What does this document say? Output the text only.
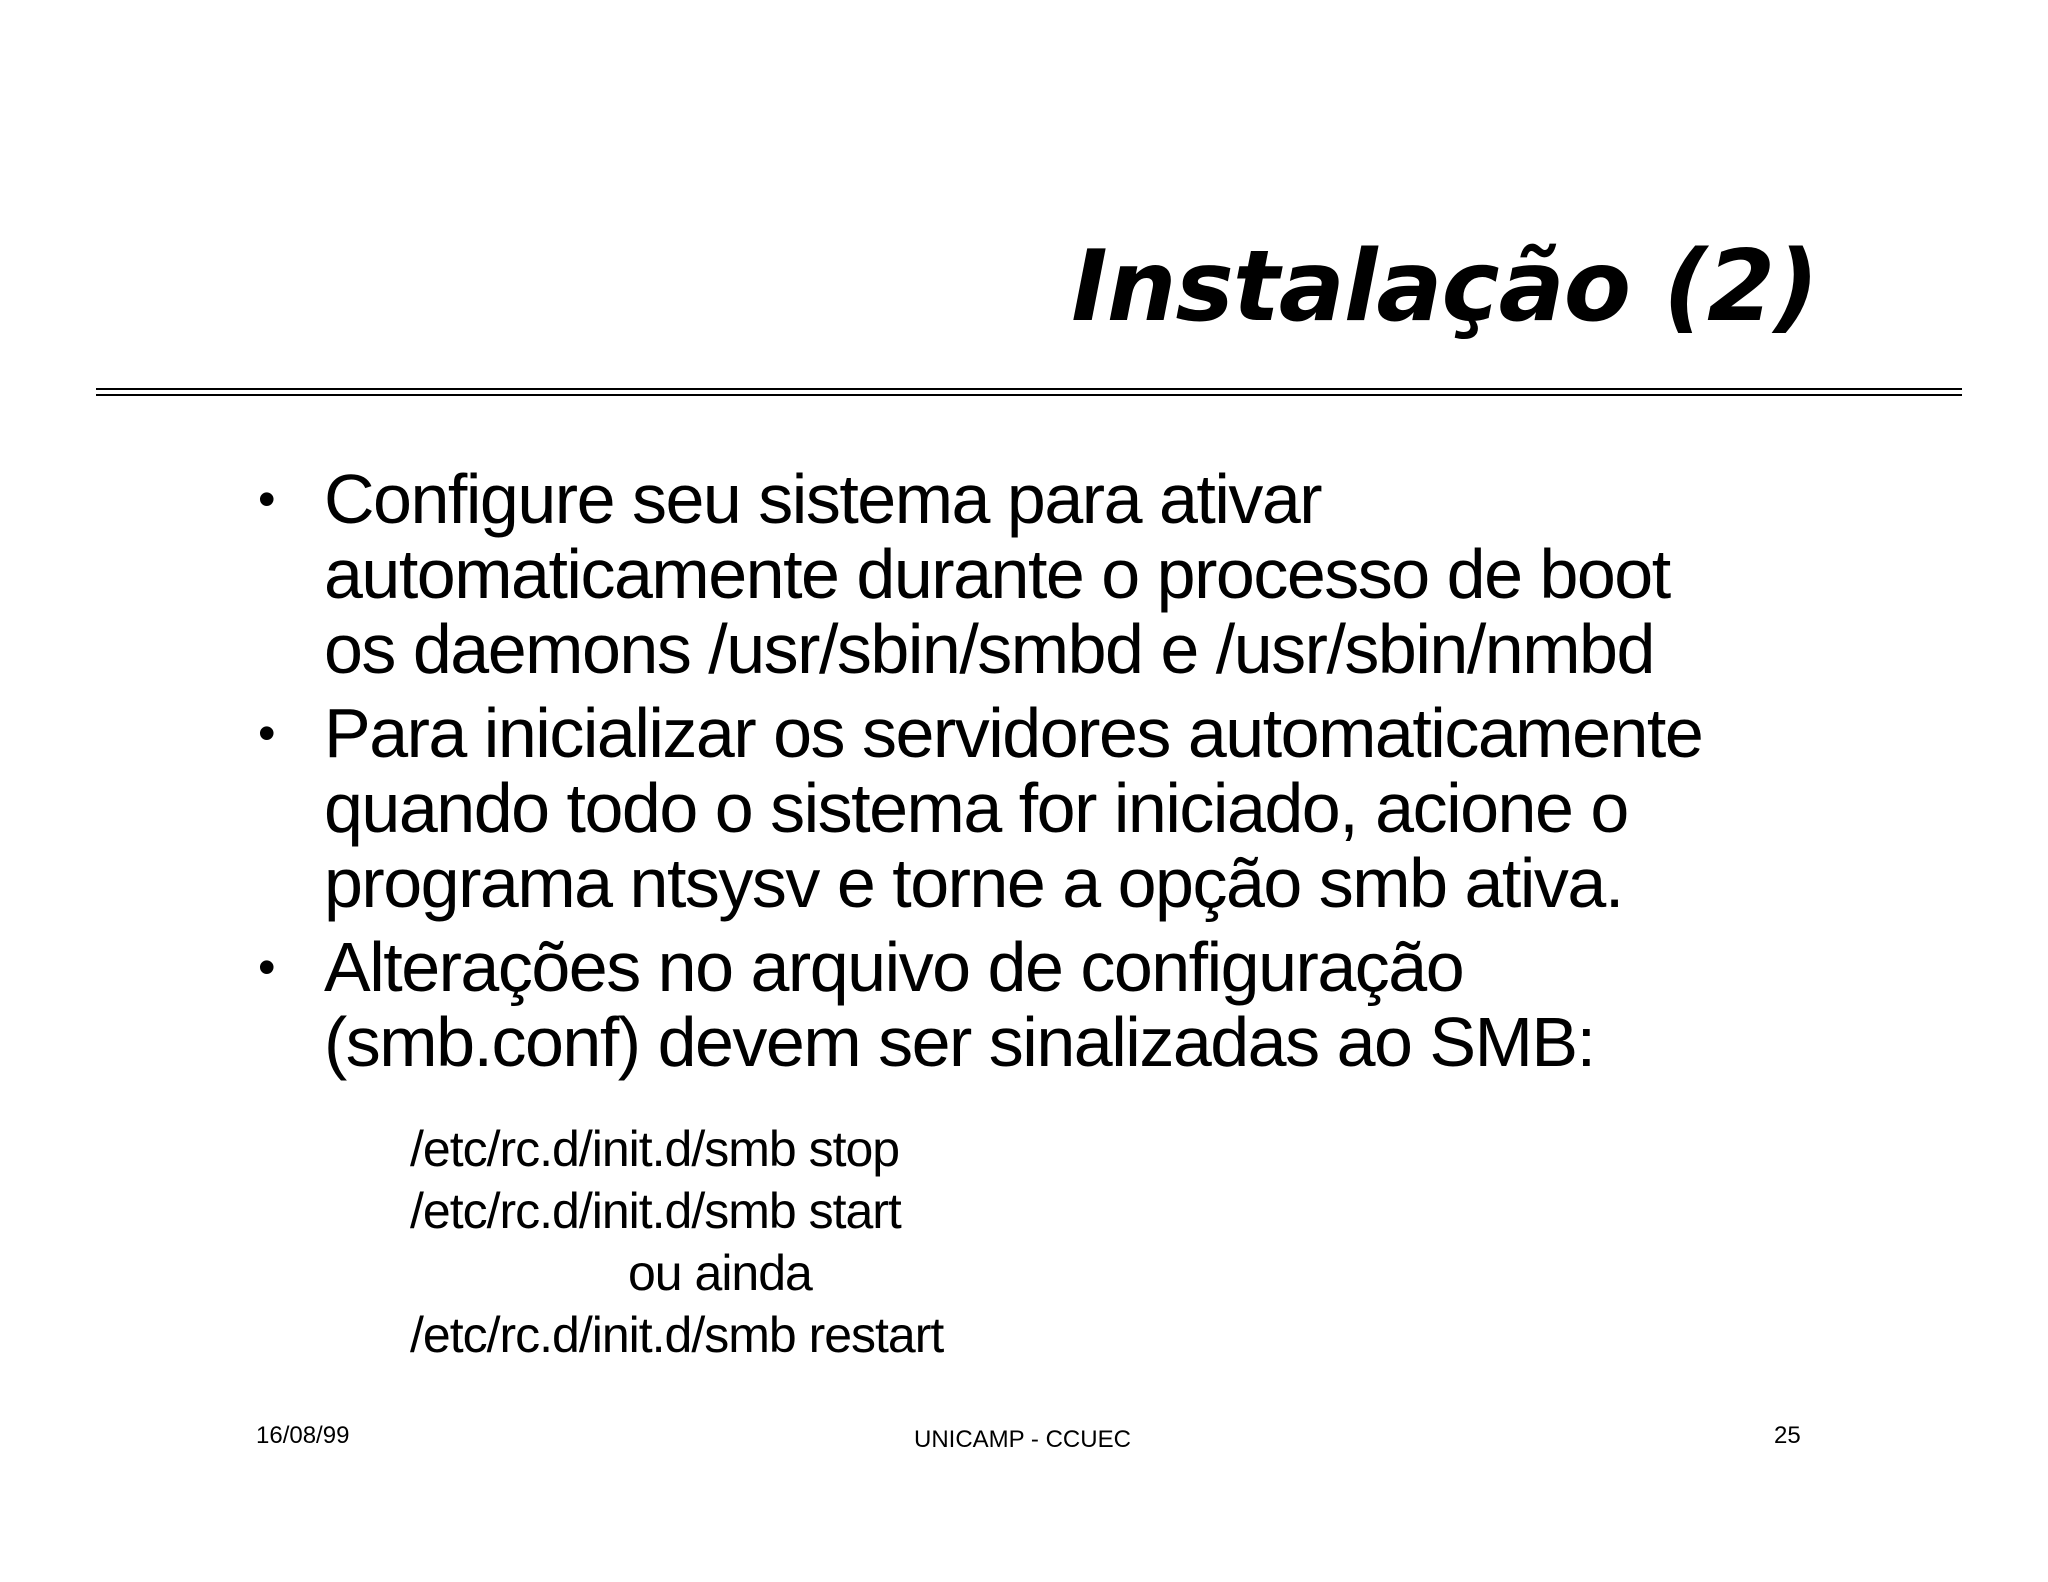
Instalação (2)
• Configure seu sistema para ativar
automaticamente durante o processo de boot
os daemons /usr/sbin/smbd e /usr/sbin/nmbd
• Para inicializar os servidores automaticamente
quando todo o sistema for iniciado, acione o
programa ntsysv e torne a opção smb ativa.
• Alterações no arquivo de configuração
(smb.conf) devem ser sinalizadas ao SMB:
/etc/rc.d/init.d/smb stop
/etc/rc.d/init.d/smb start
ou ainda
/etc/rc.d/init.d/smb restart
16/08/99	UNICAMP - CCUEC	25
